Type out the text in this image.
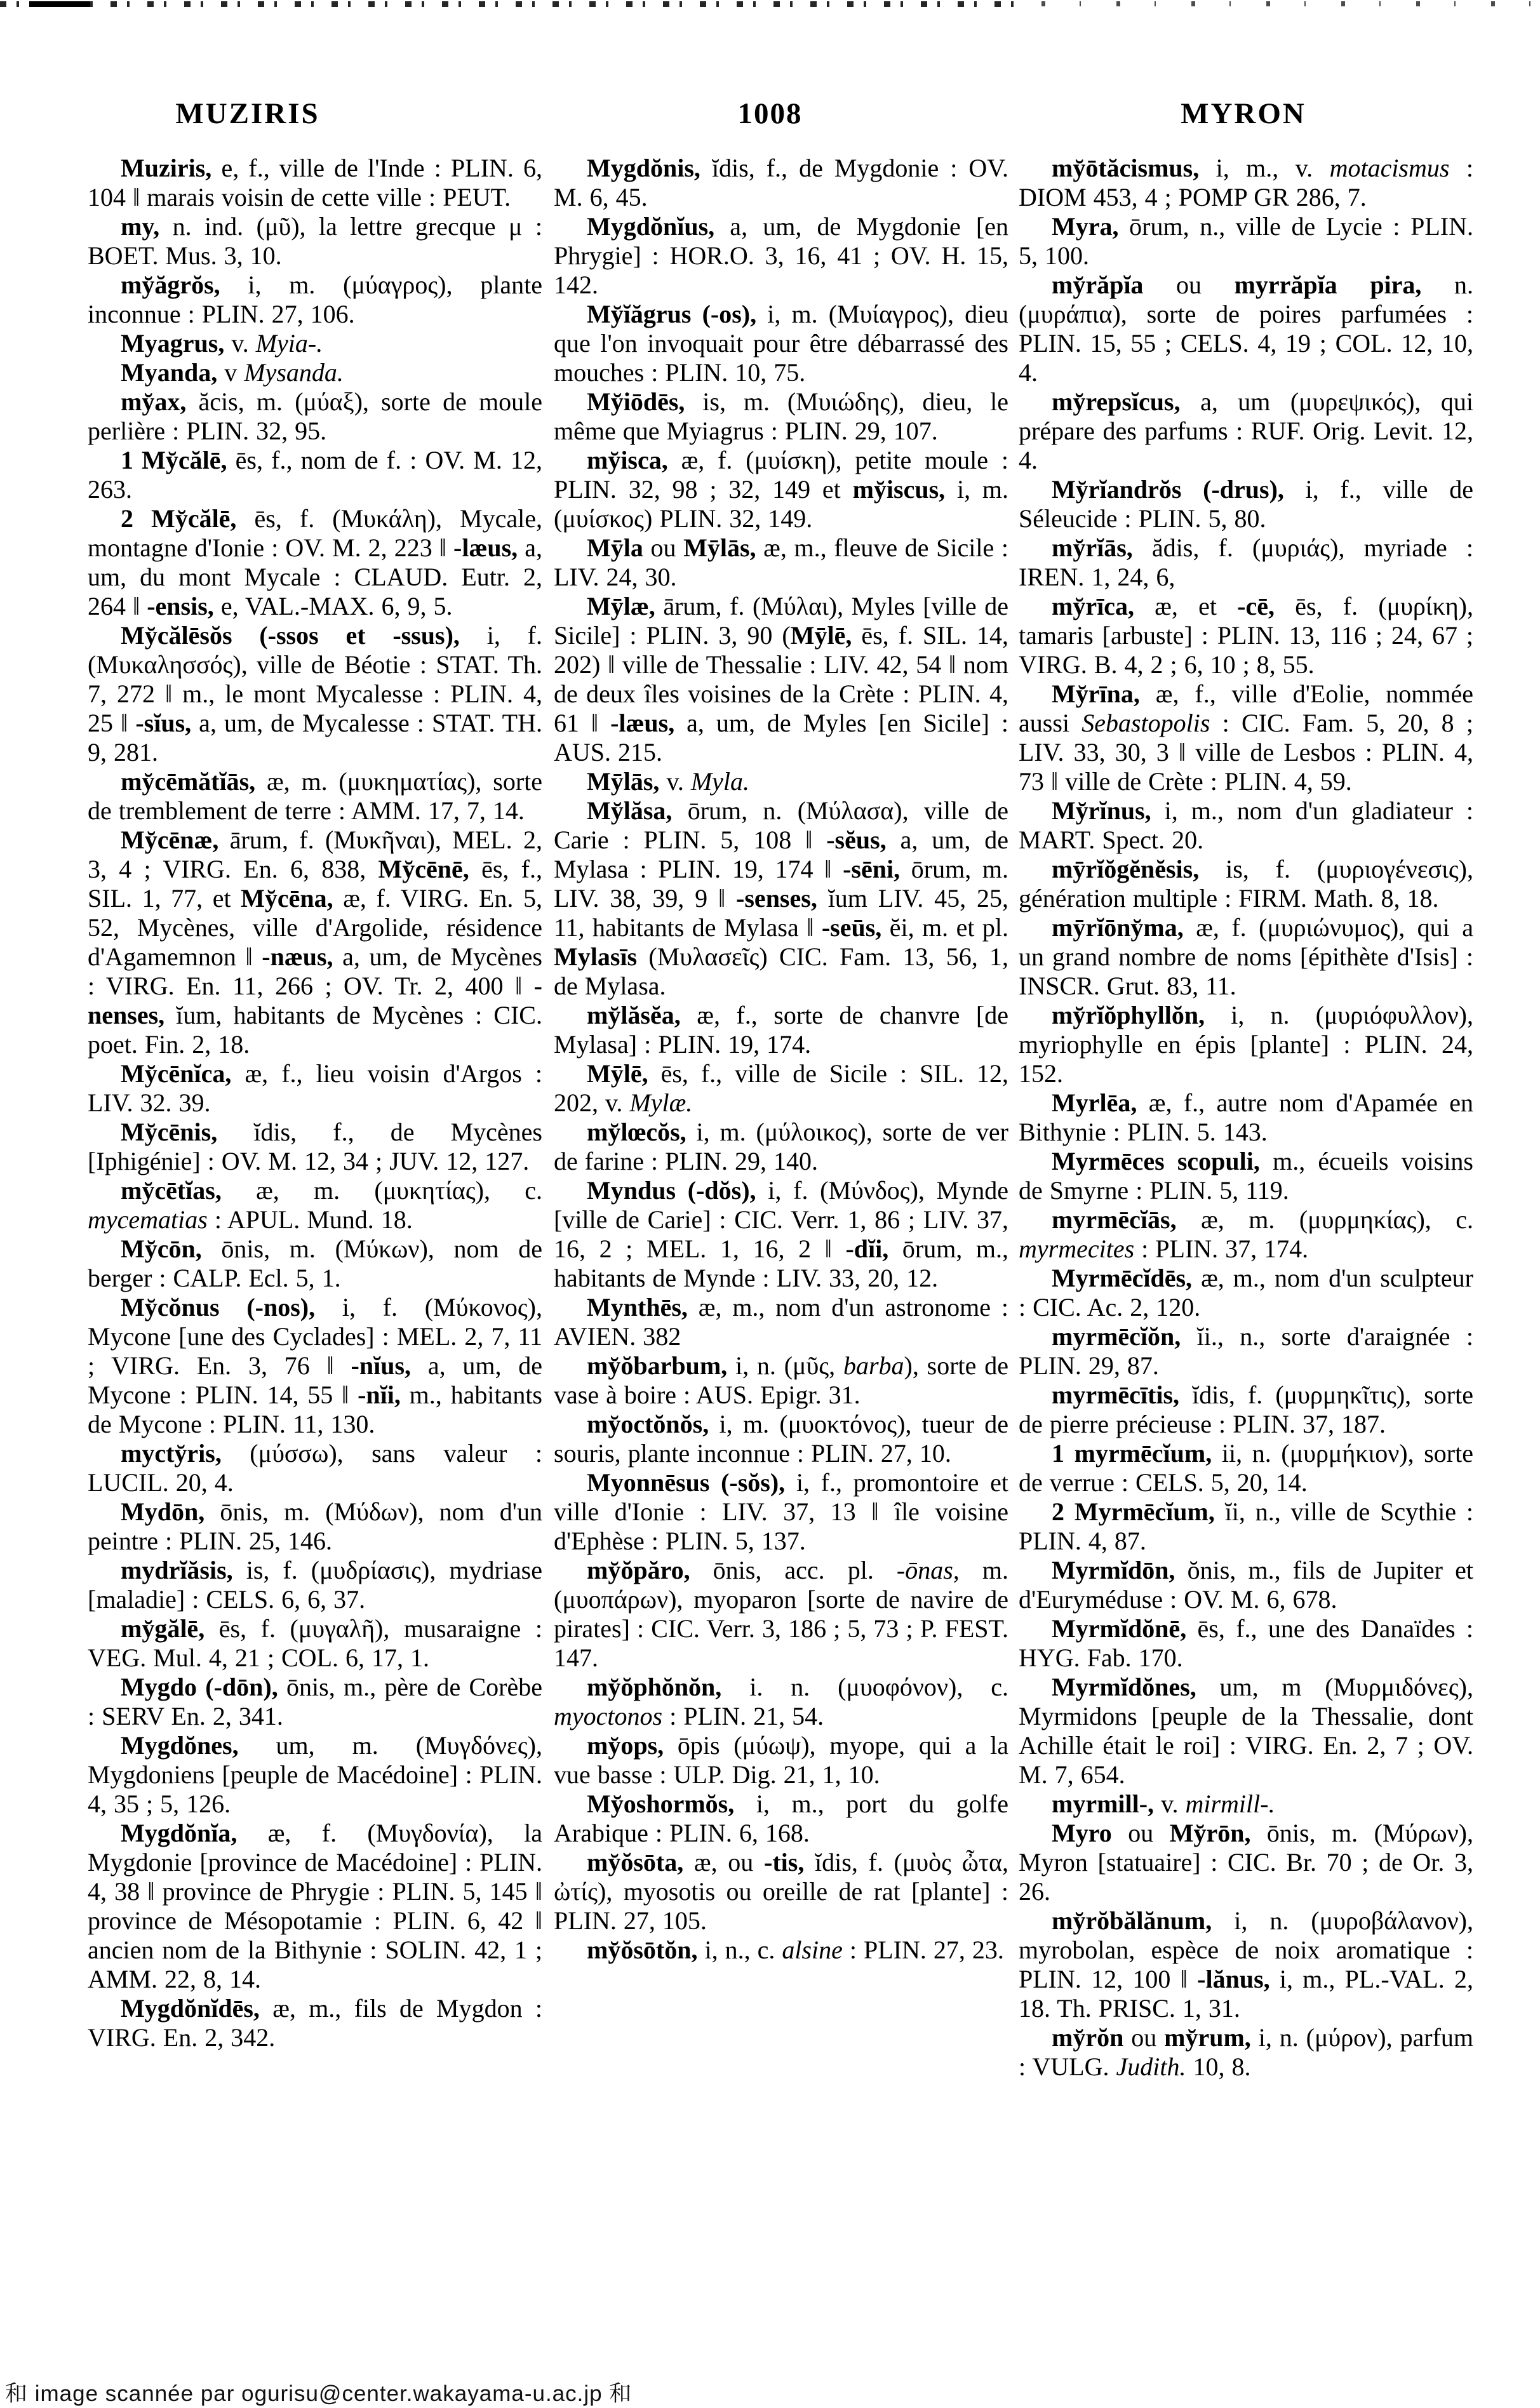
MUZIRIS	1008	MYRON

Muziris, e, f., ville de l'Inde : PLIN. 6, 104 ‖ marais voisin de cette ville : PEUT.

my, n. ind. (μῦ), la lettre grecque μ : BOET. Mus. 3, 10.

my̆ăgrŏs, i, m. (μύαγρος), plante inconnue : PLIN. 27, 106.

Myagrus, v. Myia-.

Myanda, v Mysanda.

my̆ax, ăcis, m. (μύαξ), sorte de moule perlière : PLIN. 32, 95.

1 My̆călē, ēs, f., nom de f. : OV. M. 12, 263.

2 My̆călē, ēs, f. (Μυκάλη), Mycale, montagne d'Ionie : OV. M. 2, 223 ‖ -læus, a, um, du mont Mycale : CLAUD. Eutr. 2, 264 ‖ -ensis, e, VAL.-MAX. 6, 9, 5.

My̆călēsŏs (-ssos et -ssus), i, f. (Μυκαλησσός), ville de Béotie : STAT. Th. 7, 272 ‖ m., le mont Mycalesse : PLIN. 4, 25 ‖ -sĭus, a, um, de Mycalesse : STAT. TH. 9, 281.

my̆cēmătĭās, æ, m. (μυκηματίας), sorte de tremblement de terre : AMM. 17, 7, 14.

My̆cēnæ, ārum, f. (Μυκῆναι), MEL. 2, 3, 4 ; VIRG. En. 6, 838, My̆cēnē, ēs, f., SIL. 1, 77, et My̆cēna, æ, f. VIRG. En. 5, 52, Mycènes, ville d'Argolide, résidence d'Agamemnon ‖ -næus, a, um, de Mycènes : VIRG. En. 11, 266 ; OV. Tr. 2, 400 ‖ -nenses, ĭum, habitants de Mycènes : CIC. poet. Fin. 2, 18.

My̆cēnĭca, æ, f., lieu voisin d'Argos : LIV. 32. 39.

My̆cēnis, ĭdis, f., de Mycènes [Iphigénie] : OV. M. 12, 34 ; JUV. 12, 127.

my̆cētĭas, æ, m. (μυκητίας), c. mycematias : APUL. Mund. 18.

My̆cōn, ōnis, m. (Μύκων), nom de berger : CALP. Ecl. 5, 1.

My̆cŏnus (-nos), i, f. (Μύκονος), Mycone [une des Cyclades] : MEL. 2, 7, 11 ; VIRG. En. 3, 76 ‖ -nĭus, a, um, de Mycone : PLIN. 14, 55 ‖ -nĭi, m., habitants de Mycone : PLIN. 11, 130.

mycty̆ris, (μύσσω), sans valeur : LUCIL. 20, 4.

Mydōn, ōnis, m. (Μύδων), nom d'un peintre : PLIN. 25, 146.

mydrĭăsis, is, f. (μυδρίασις), mydriase [maladie] : CELS. 6, 6, 37.

my̆gălē, ēs, f. (μυγαλῆ), musaraigne : VEG. Mul. 4, 21 ; COL. 6, 17, 1.

Mygdo (-dōn), ōnis, m., père de Corèbe : SERV En. 2, 341.

Mygdŏnes, um, m. (Μυγδόνες), Mygdoniens [peuple de Macédoine] : PLIN. 4, 35 ; 5, 126.

Mygdŏnĭa, æ, f. (Μυγδονία), la Mygdonie [province de Macédoine] : PLIN. 4, 38 ‖ province de Phrygie : PLIN. 5, 145 ‖ province de Mésopotamie : PLIN. 6, 42 ‖ ancien nom de la Bithynie : SOLIN. 42, 1 ; AMM. 22, 8, 14.

Mygdŏnĭdēs, æ, m., fils de Mygdon : VIRG. En. 2, 342.

Mygdŏnis, ĭdis, f., de Mygdonie : OV. M. 6, 45.

Mygdŏnĭus, a, um, de Mygdonie [en Phrygie] : HOR.O. 3, 16, 41 ; OV. H. 15, 142.

My̆ĭăgrus (-os), i, m. (Μυίαγρος), dieu que l'on invoquait pour être débarrassé des mouches : PLIN. 10, 75.

My̆iōdēs, is, m. (Μυιώδης), dieu, le même que Myiagrus : PLIN. 29, 107.

my̆isca, æ, f. (μυίσκη), petite moule : PLIN. 32, 98 ; 32, 149 et my̆iscus, i, m. (μυίσκος) PLIN. 32, 149.

Mȳla ou Mȳlās, æ, m., fleuve de Sicile : LIV. 24, 30.

Mȳlæ, ārum, f. (Μύλαι), Myles [ville de Sicile] : PLIN. 3, 90 (Mȳlē, ēs, f. SIL. 14, 202) ‖ ville de Thessalie : LIV. 42, 54 ‖ nom de deux îles voisines de la Crète : PLIN. 4, 61 ‖ -læus, a, um, de Myles [en Sicile] : AUS. 215.

Mȳlās, v. Myla.

My̆lăsa, ōrum, n. (Μύλασα), ville de Carie : PLIN. 5, 108 ‖ -sĕus, a, um, de Mylasa : PLIN. 19, 174 ‖ -sēni, ōrum, m. LIV. 38, 39, 9 ‖ -senses, ĭum LIV. 45, 25, 11, habitants de Mylasa ‖ -seūs, ĕi, m. et pl. Mylasīs (Μυλασεῖς) CIC. Fam. 13, 56, 1, de Mylasa.

my̆lăsĕa, æ, f., sorte de chanvre [de Mylasa] : PLIN. 19, 174.

Mȳlē, ēs, f., ville de Sicile : SIL. 12, 202, v. Mylæ.

my̆lœcŏs, i, m. (μύλοικος), sorte de ver de farine : PLIN. 29, 140.

Myndus (-dŏs), i, f. (Μύνδος), Mynde [ville de Carie] : CIC. Verr. 1, 86 ; LIV. 37, 16, 2 ; MEL. 1, 16, 2 ‖ -dĭi, ōrum, m., habitants de Mynde : LIV. 33, 20, 12.

Mynthēs, æ, m., nom d'un astronome : AVIEN. 382

my̆ŏbarbum, i, n. (μῦς, barba), sorte de vase à boire : AUS. Epigr. 31.

my̆octŏnŏs, i, m. (μυοκτόνος), tueur de souris, plante inconnue : PLIN. 27, 10.

Myonnēsus (-sŏs), i, f., promontoire et ville d'Ionie : LIV. 37, 13 ‖ île voisine d'Ephèse : PLIN. 5, 137.

my̆ŏpăro, ōnis, acc. pl. -ōnas, m. (μυοπάρων), myoparon [sorte de navire de pirates] : CIC. Verr. 3, 186 ; 5, 73 ; P. FEST. 147.

my̆ŏphŏnŏn, i. n. (μυοφόνον), c. myoctonos : PLIN. 21, 54.

my̆ops, ōpis (μύωψ), myope, qui a la vue basse : ULP. Dig. 21, 1, 10.

My̆oshormŏs, i, m., port du golfe Arabique : PLIN. 6, 168.

my̆ŏsōta, æ, ou -tis, ĭdis, f. (μυὸς ὦτα, ὠτίς), myosotis ou oreille de rat [plante] : PLIN. 27, 105.

my̆ŏsōtŏn, i, n., c. alsine : PLIN. 27, 23.

my̆ōtăcismus, i, m., v. motacismus : DIOM 453, 4 ; POMP GR 286, 7.

Myra, ōrum, n., ville de Lycie : PLIN. 5, 100.

my̆răpĭa ou myrrăpĭa pira, n. (μυράπια), sorte de poires parfumées : PLIN. 15, 55 ; CELS. 4, 19 ; COL. 12, 10, 4.

my̆repsĭcus, a, um (μυρεψικός), qui prépare des parfums : RUF. Orig. Levit. 12, 4.

My̆rĭandrŏs (-drus), i, f., ville de Séleucide : PLIN. 5, 80.

my̆rĭās, ădis, f. (μυριάς), myriade : IREN. 1, 24, 6,

my̆rīca, æ, et -cē, ēs, f. (μυρίκη), tamaris [arbuste] : PLIN. 13, 116 ; 24, 67 ; VIRG. B. 4, 2 ; 6, 10 ; 8, 55.

My̆rīna, æ, f., ville d'Eolie, nommée aussi Sebastopolis : CIC. Fam. 5, 20, 8 ; LIV. 33, 30, 3 ‖ ville de Lesbos : PLIN. 4, 73 ‖ ville de Crète : PLIN. 4, 59.

My̆rĭnus, i, m., nom d'un gladiateur : MART. Spect. 20.

mȳrĭŏgĕnĕsis, is, f. (μυριογένεσις), génération multiple : FIRM. Math. 8, 18.

mȳrĭōny̆ma, æ, f. (μυριώνυμος), qui a un grand nombre de noms [épithète d'Isis] : INSCR. Grut. 83, 11.

my̆rĭŏphyllŏn, i, n. (μυριόφυλλον), myriophylle en épis [plante] : PLIN. 24, 152.

Myrlēa, æ, f., autre nom d'Apamée en Bithynie : PLIN. 5. 143.

Myrmēces scopuli, m., écueils voisins de Smyrne : PLIN. 5, 119.

myrmēcĭās, æ, m. (μυρμηκίας), c. myrmecites : PLIN. 37, 174.

Myrmēcĭdēs, æ, m., nom d'un sculpteur : CIC. Ac. 2, 120.

myrmēcĭŏn, ĭi., n., sorte d'araignée : PLIN. 29, 87.

myrmēcītis, ĭdis, f. (μυρμηκῖτις), sorte de pierre précieuse : PLIN. 37, 187.

1 myrmēcĭum, ii, n. (μυρμήκιον), sorte de verrue : CELS. 5, 20, 14.

2 Myrmēcĭum, ĭi, n., ville de Scythie : PLIN. 4, 87.

Myrmĭdōn, ŏnis, m., fils de Jupiter et d'Euryméduse : OV. M. 6, 678.

Myrmĭdŏnē, ēs, f., une des Danaïdes : HYG. Fab. 170.

Myrmĭdŏnes, um, m (Μυρμιδόνες), Myrmidons [peuple de la Thessalie, dont Achille était le roi] : VIRG. En. 2, 7 ; OV. M. 7, 654.

myrmill-, v. mirmill-.

Myro ou My̆rōn, ōnis, m. (Μύρων), Myron [statuaire] : CIC. Br. 70 ; de Or. 3, 26.

my̆rŏbălănum, i, n. (μυροβάλανον), myrobolan, espèce de noix aromatique : PLIN. 12, 100 ‖ -lănus, i, m., PL.-VAL. 2, 18. Th. PRISC. 1, 31.

my̆rŏn ou my̆rum, i, n. (μύρον), parfum : VULG. Judith. 10, 8.

和 image scannée par ogurisu@center.wakayama-u.ac.jp 和
